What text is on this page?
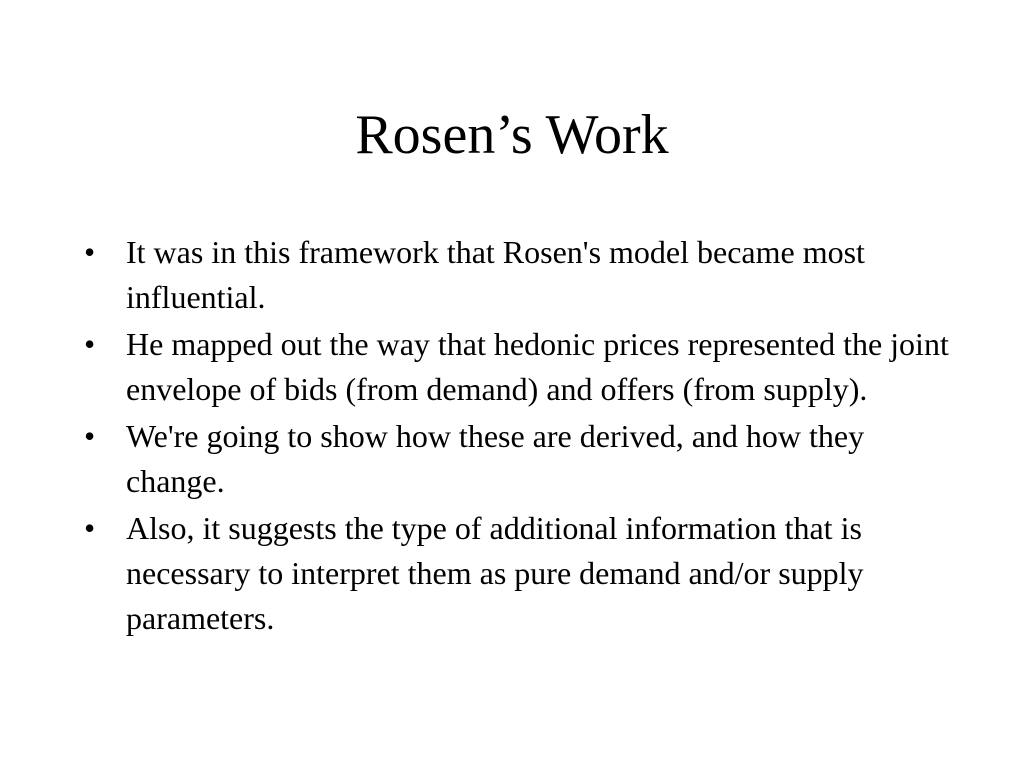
Rosen’s Work
• It was in this framework that Rosen's model became most influential.
• He mapped out the way that hedonic prices represented the joint envelope of bids (from demand) and offers (from supply).
• We're going to show how these are derived, and how they change.
• Also, it suggests the type of additional information that is necessary to interpret them as pure demand and/or supply parameters.
